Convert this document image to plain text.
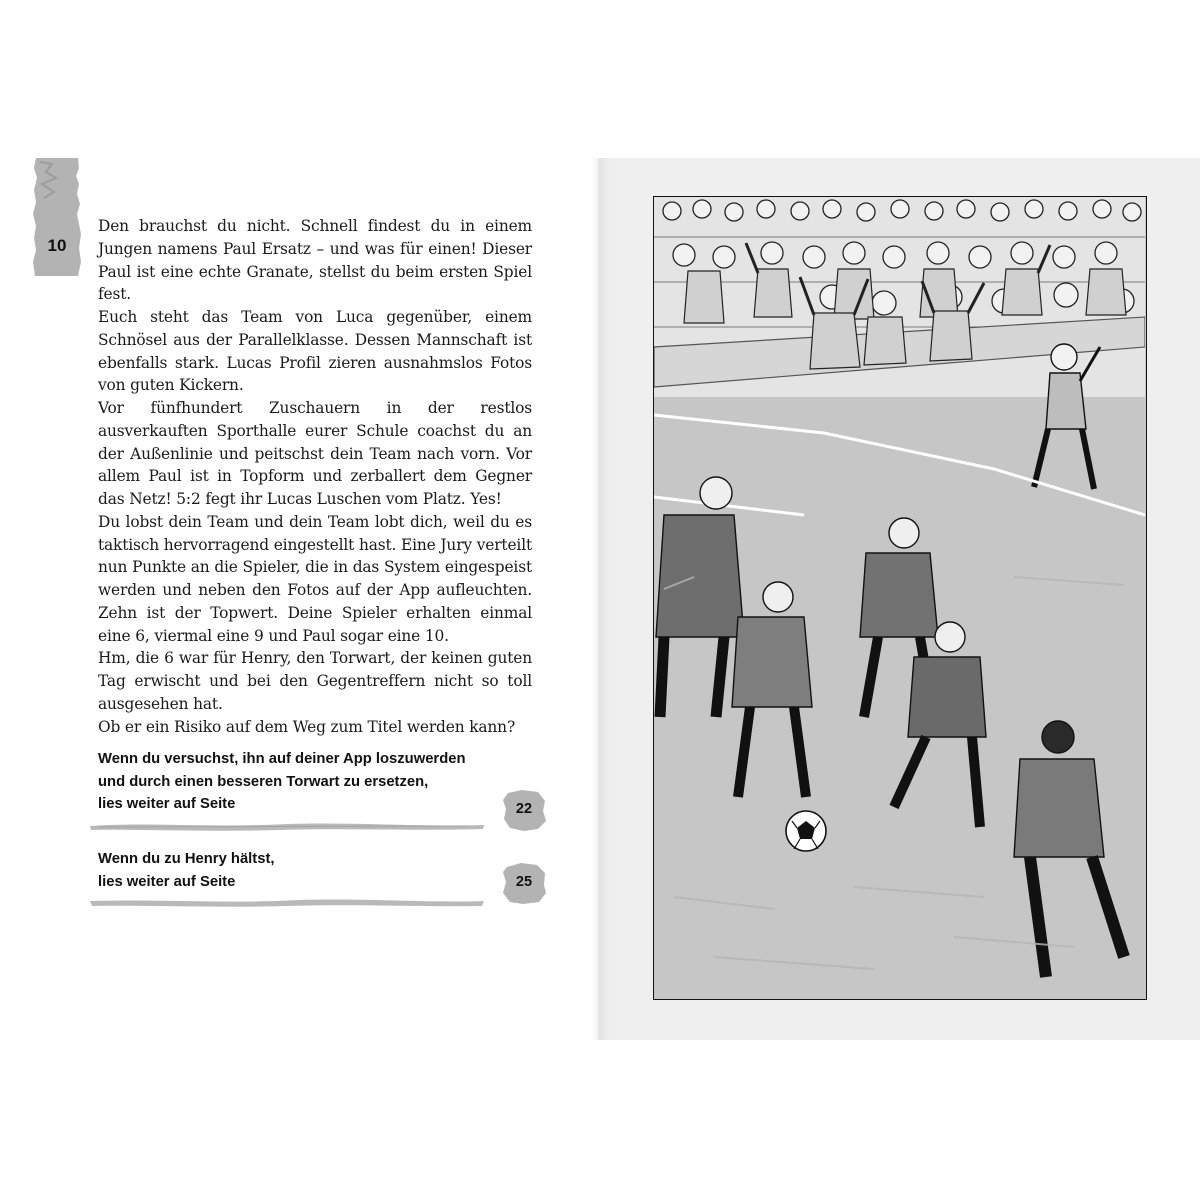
10

Den brauchst du nicht. Schnell findest du in einem Jungen namens Paul Ersatz – und was für einen! Dieser Paul ist eine echte Granate, stellst du beim ersten Spiel fest.

Euch steht das Team von Luca gegenüber, einem Schnösel aus der Parallelklasse. Dessen Mannschaft ist ebenfalls stark. Lucas Profil zieren ausnahmslos Fotos von guten Kickern.

Vor fünfhundert Zuschauern in der restlos ausverkauften Sporthalle eurer Schule coachst du an der Außenlinie und peitschst dein Team nach vorn. Vor allem Paul ist in Topform und zerballert dem Gegner das Netz! 5:2 fegt ihr Lucas Luschen vom Platz. Yes!

Du lobst dein Team und dein Team lobt dich, weil du es taktisch hervorragend eingestellt hast. Eine Jury verteilt nun Punkte an die Spieler, die in das System eingespeist werden und neben den Fotos auf der App aufleuchten. Zehn ist der Topwert. Deine Spieler erhalten einmal eine 6, viermal eine 9 und Paul sogar eine 10.

Hm, die 6 war für Henry, den Torwart, der keinen guten Tag erwischt und bei den Gegentreffern nicht so toll ausgesehen hat.

Ob er ein Risiko auf dem Weg zum Titel werden kann?

Wenn du versuchst, ihn auf deiner App loszuwerden
und durch einen besseren Torwart zu ersetzen,
lies weiter auf Seite	22
Wenn du zu Henry hältst,
lies weiter auf Seite	25
